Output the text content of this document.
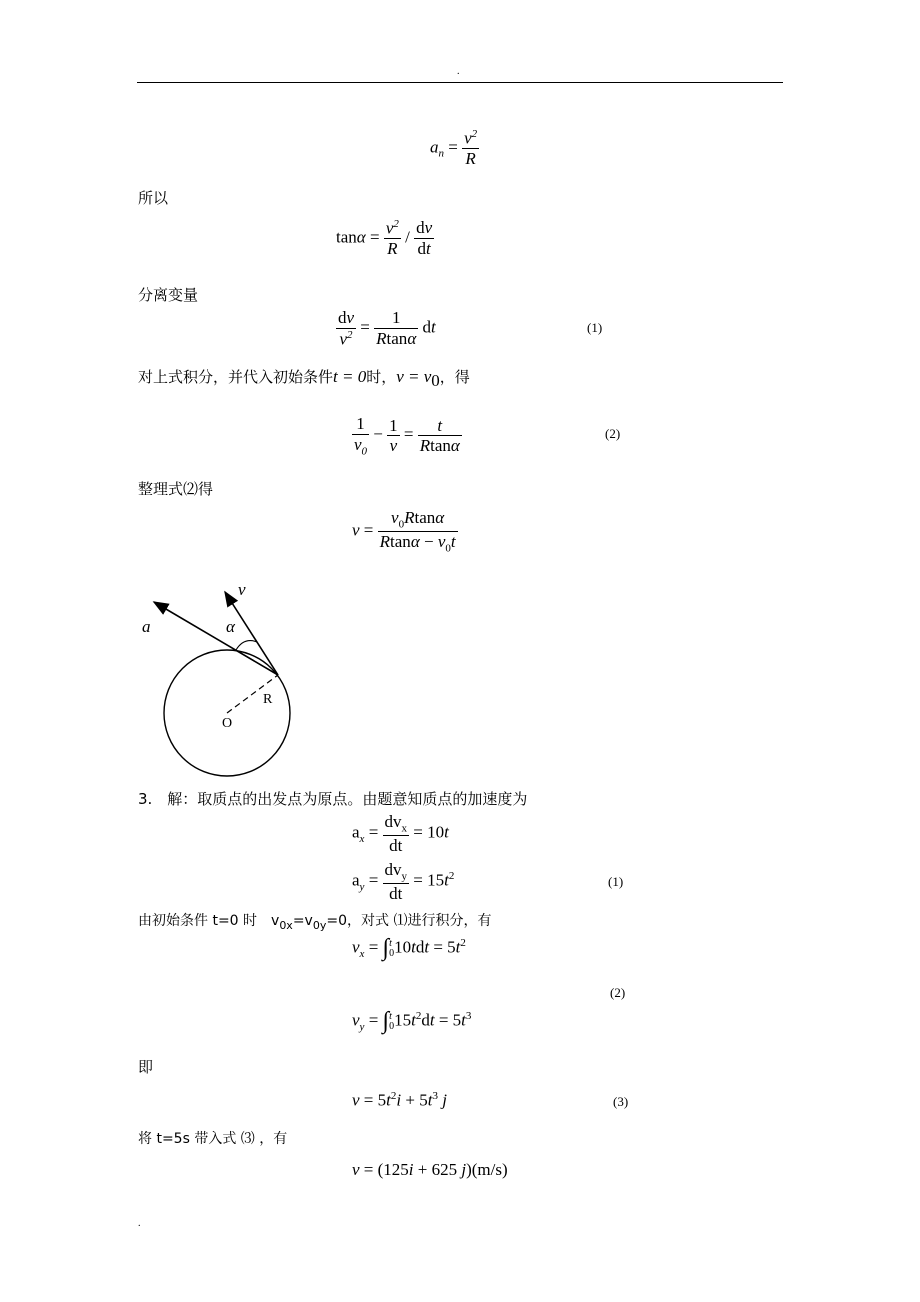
.
$a_n = \frac{v^2}{R}$
所以
$\tan\alpha = \frac{v^2}{R} / \frac{dv}{dt}$
分离变量
$\frac{dv}{v^2} = \frac{1}{Rtan\alpha}$ dt	(1)
对上式积分，并代入初始条件t = 0时，$v = v_0$，得
$\frac{1}{v_0} - \frac{1}{v} = \frac{t}{Rtan\alpha}$	(2)
整理式⑵得
$v = \frac{v_0Rtan\alpha}{Rtan\alpha - v_0t}$
v
a	α
R
O
3.　解：取质点的出发点为原点。由题意知质点的加速度为
$a_x = \frac{dv_x}{dt} = 10t$
$a_y = \frac{dv_y}{dt} = 15t^2$	(1)
由初始条件 t=0 时　$v_{0x}=v_{0y}=0$，对式 ⑴进行积分，有
$v_x$ = ∫ t
0 $10tdt = 5t^2$
(2)
$v_y$ = ∫ t
0 $15t^2dt = 5t^3$
即
$v = 5t^2i + 5t^3$ j	(3)
将 t=5s 带入式 ⑶ ，有
v = (125i + 625 j)(m/s)
.
